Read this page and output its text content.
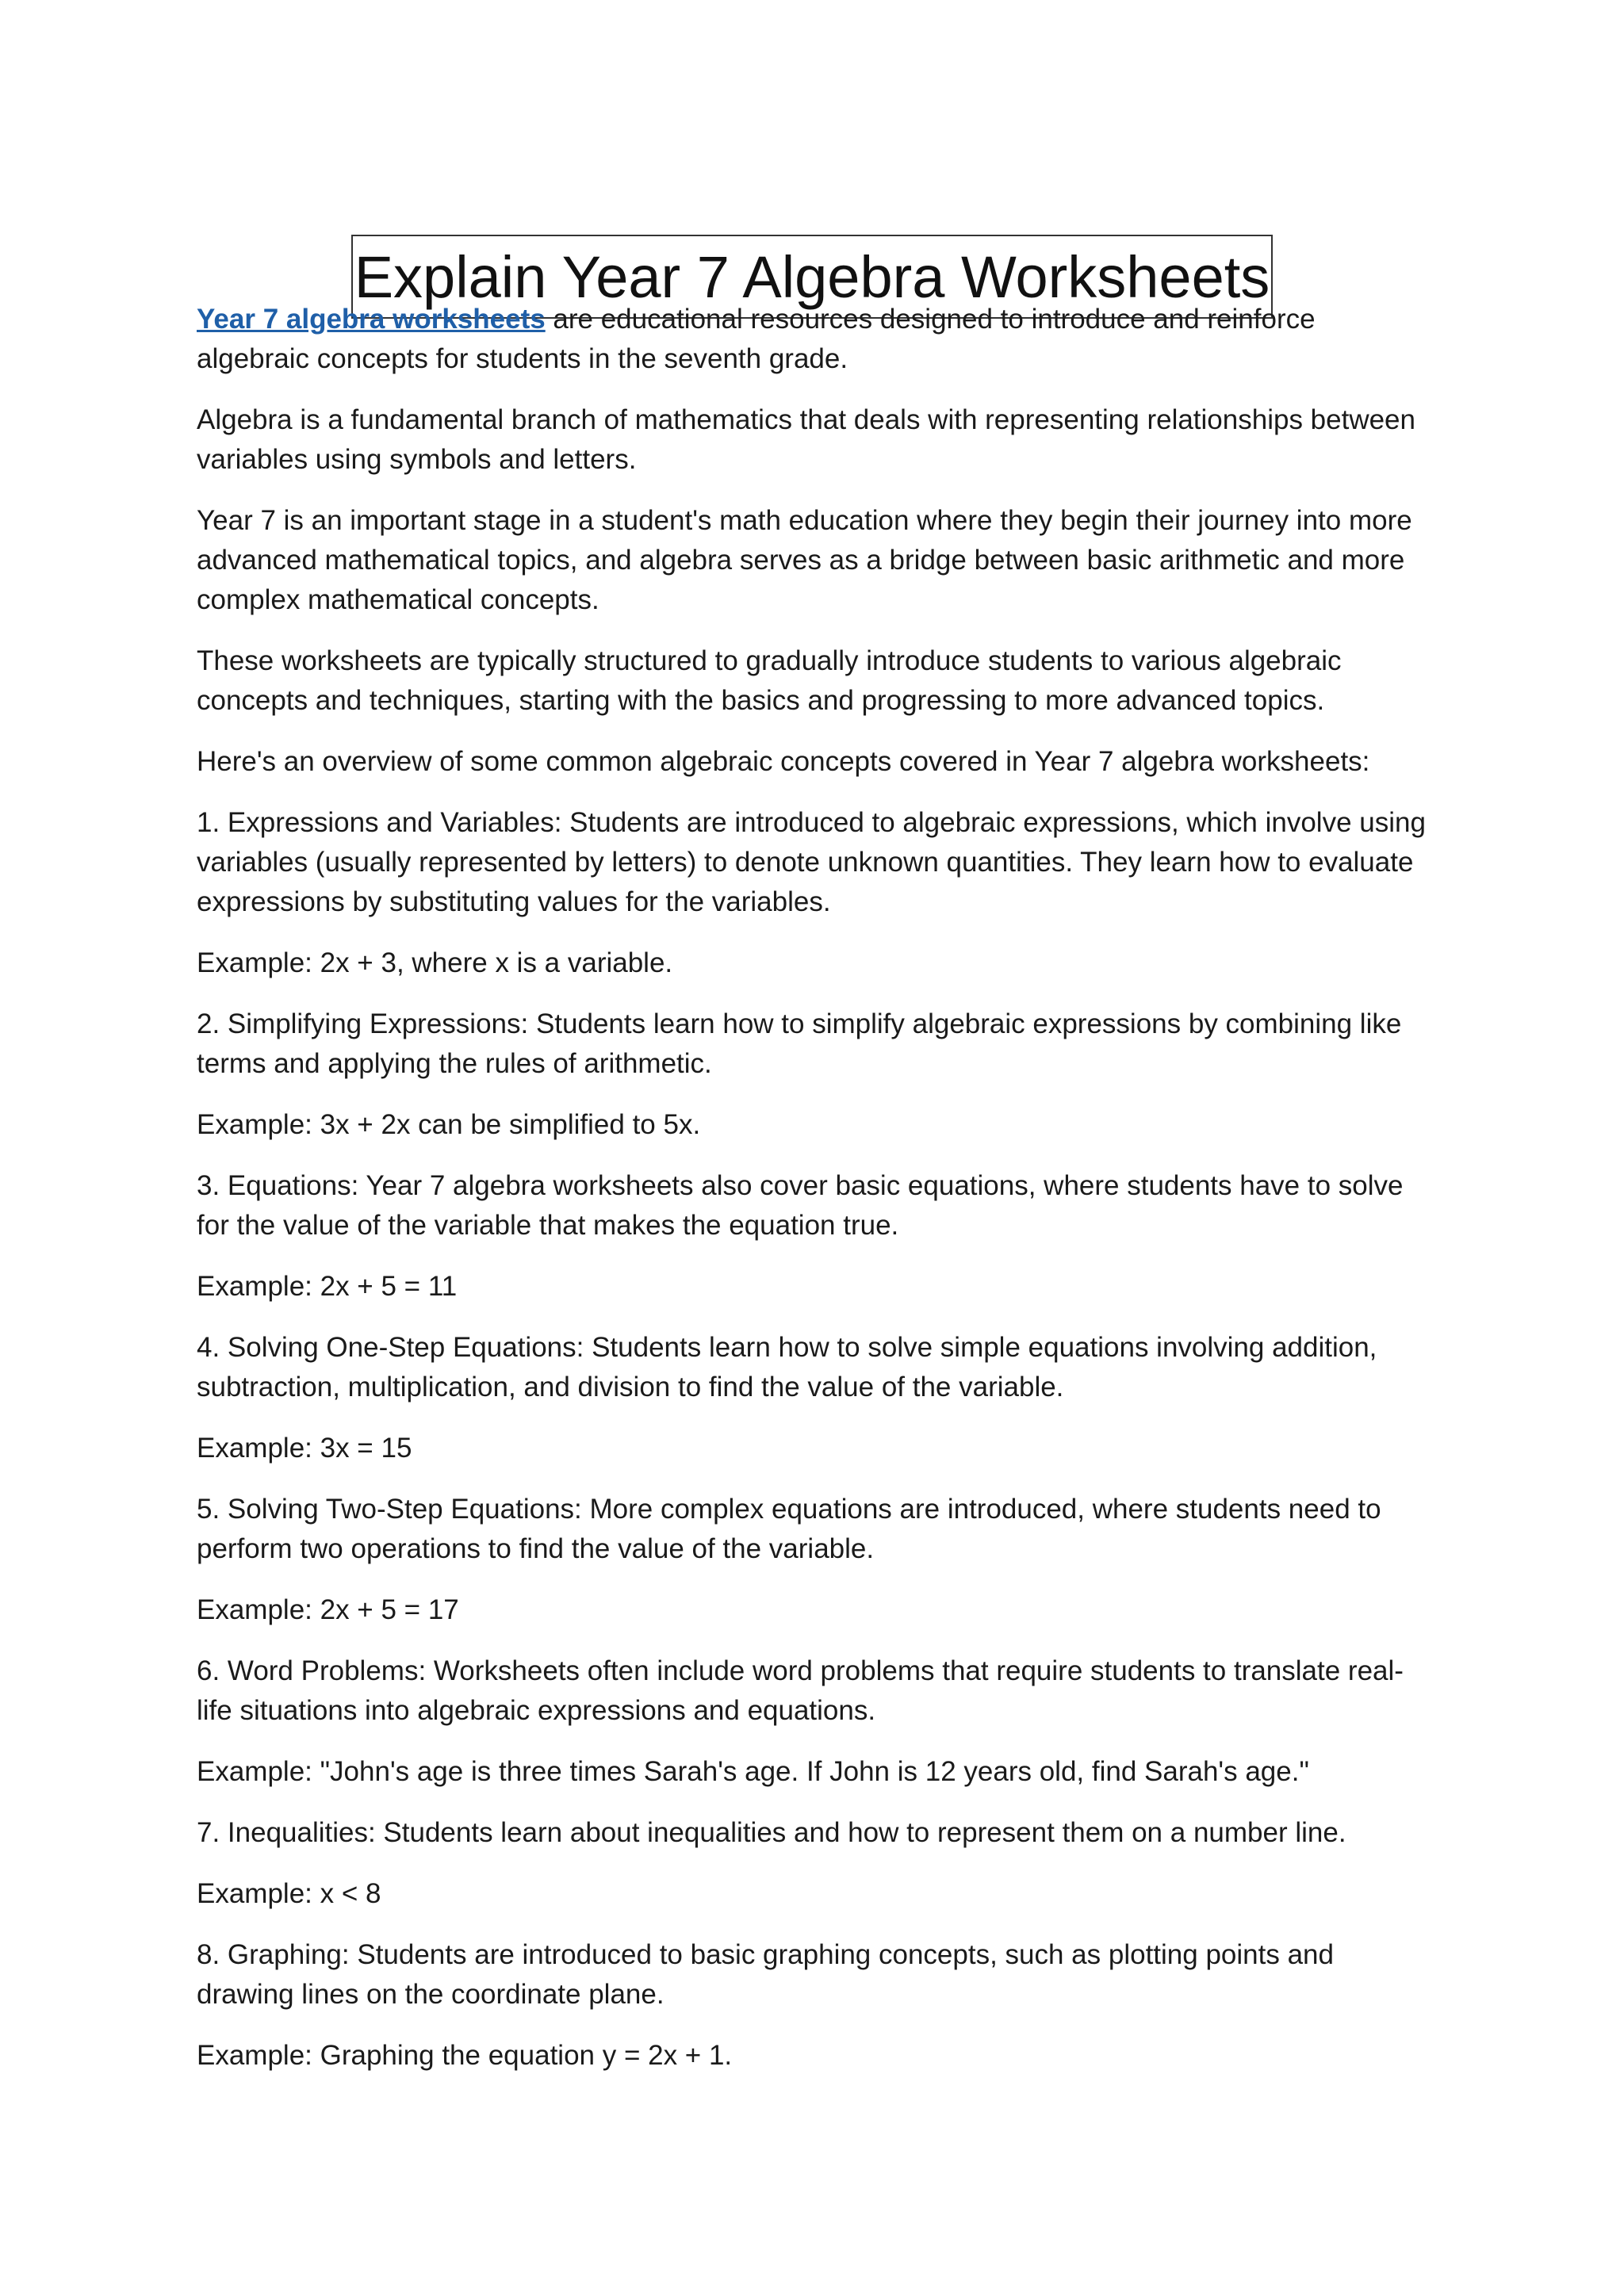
Explain Year 7 Algebra Worksheets

Year 7 algebra worksheets are educational resources designed to introduce and reinforce algebraic concepts for students in the seventh grade.

Algebra is a fundamental branch of mathematics that deals with representing relationships between variables using symbols and letters.

Year 7 is an important stage in a student's math education where they begin their journey into more advanced mathematical topics, and algebra serves as a bridge between basic arithmetic and more complex mathematical concepts.

These worksheets are typically structured to gradually introduce students to various algebraic concepts and techniques, starting with the basics and progressing to more advanced topics.

Here's an overview of some common algebraic concepts covered in Year 7 algebra worksheets:

1. Expressions and Variables: Students are introduced to algebraic expressions, which involve using variables (usually represented by letters) to denote unknown quantities. They learn how to evaluate expressions by substituting values for the variables.

Example: 2x + 3, where x is a variable.

2. Simplifying Expressions: Students learn how to simplify algebraic expressions by combining like terms and applying the rules of arithmetic.

Example: 3x + 2x can be simplified to 5x.

3. Equations: Year 7 algebra worksheets also cover basic equations, where students have to solve for the value of the variable that makes the equation true.

Example: 2x + 5 = 11

4. Solving One-Step Equations: Students learn how to solve simple equations involving addition, subtraction, multiplication, and division to find the value of the variable.

Example: 3x = 15

5. Solving Two-Step Equations: More complex equations are introduced, where students need to perform two operations to find the value of the variable.

Example: 2x + 5 = 17

6. Word Problems: Worksheets often include word problems that require students to translate real-life situations into algebraic expressions and equations.

Example: "John's age is three times Sarah's age. If John is 12 years old, find Sarah's age."

7. Inequalities: Students learn about inequalities and how to represent them on a number line.

Example: x < 8

8. Graphing: Students are introduced to basic graphing concepts, such as plotting points and drawing lines on the coordinate plane.

Example: Graphing the equation y = 2x + 1.
